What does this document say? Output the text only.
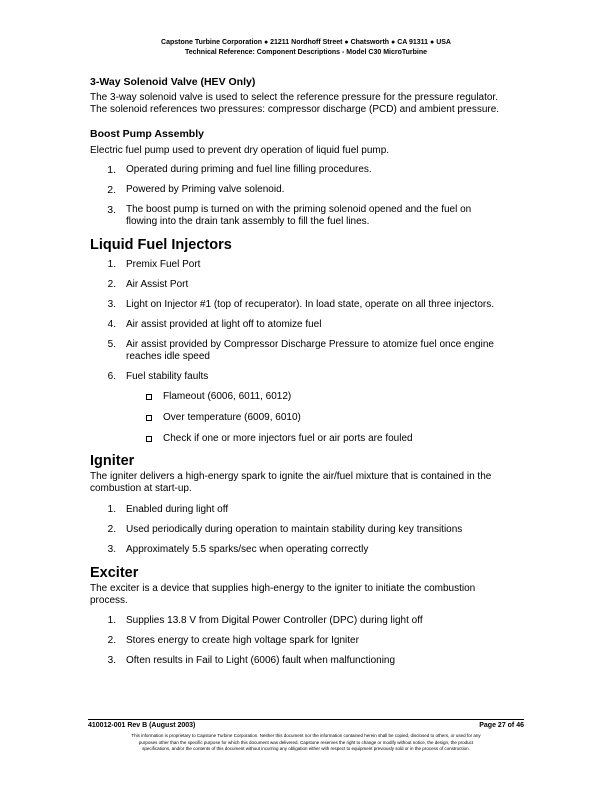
Capstone Turbine Corporation ● 21211 Nordhoff Street ● Chatsworth ● CA 91311 ● USA
Technical Reference: Component Descriptions - Model C30 MicroTurbine
3-Way Solenoid Valve (HEV Only)
The 3-way solenoid valve is used to select the reference pressure for the pressure regulator.
The solenoid references two pressures: compressor discharge (PCD) and ambient pressure.
Boost Pump Assembly
Electric fuel pump used to prevent dry operation of liquid fuel pump.
1.	Operated during priming and fuel line filling procedures.
2.	Powered by Priming valve solenoid.
3.	The boost pump is turned on with the priming solenoid opened and the fuel on
flowing into the drain tank assembly to fill the fuel lines.
Liquid Fuel Injectors
1.	Premix Fuel Port
2.	Air Assist Port
3.	Light on Injector #1 (top of recuperator). In load state, operate on all three injectors.
4.	Air assist provided at light off to atomize fuel
5.	Air assist provided by Compressor Discharge Pressure to atomize fuel once engine
reaches idle speed
6.	Fuel stability faults
Flameout (6006, 6011, 6012)
Over temperature (6009, 6010)
Check if one or more injectors fuel or air ports are fouled
Igniter
The igniter delivers a high-energy spark to ignite the air/fuel mixture that is contained in the
combustion at start-up.
1.	Enabled during light off
2.	Used periodically during operation to maintain stability during key transitions
3.	Approximately 5.5 sparks/sec when operating correctly
Exciter
The exciter is a device that supplies high-energy to the igniter to initiate the combustion
process.
1.	Supplies 13.8 V from Digital Power Controller (DPC) during light off
2.	Stores energy to create high voltage spark for Igniter
3.	Often results in Fail to Light (6006) fault when malfunctioning
410012-001 Rev B (August 2003)	Page 27 of 46
This information is proprietary to Capstone Turbine Corporation. Neither this document nor the information contained herein shall be copied, disclosed to others, or used for any
purposes other than the specific purpose for which this document was delivered. Capstone reserves the right to change or modify without notice, the design, the product
specifications, and/or the contents of this document without incurring any obligation either with respect to equipment previously sold or in the process of construction.
